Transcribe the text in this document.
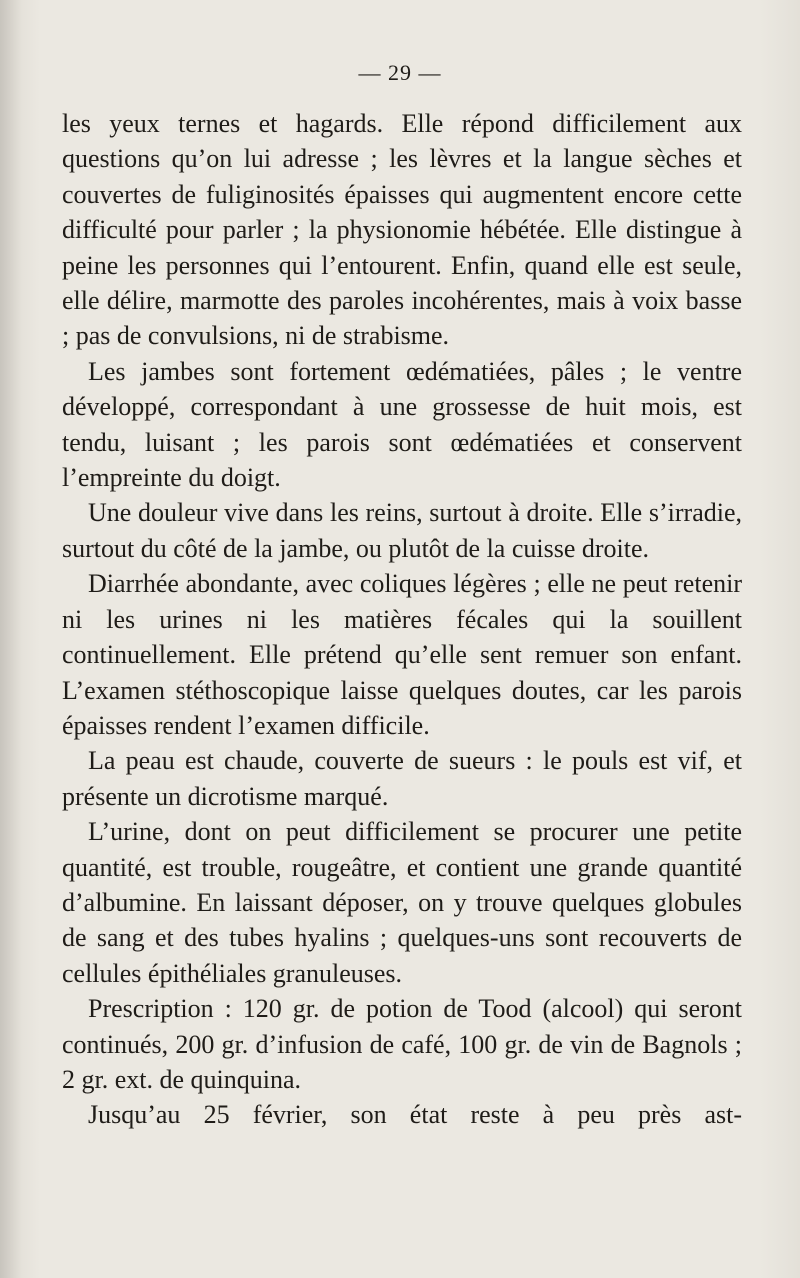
— 29 —

les yeux ternes et hagards. Elle répond difficilement aux questions qu’on lui adresse ; les lèvres et la langue sèches et couvertes de fuliginosités épaisses qui augmentent encore cette difficulté pour parler ; la physionomie hébétée. Elle distingue à peine les personnes qui l’entourent. Enfin, quand elle est seule, elle délire, marmotte des paroles incohérentes, mais à voix basse ; pas de convulsions, ni de strabisme.

Les jambes sont fortement œdématiées, pâles ; le ventre développé, correspondant à une grossesse de huit mois, est tendu, luisant ; les parois sont œdématiées et conservent l’empreinte du doigt.

Une douleur vive dans les reins, surtout à droite. Elle s’irradie, surtout du côté de la jambe, ou plutôt de la cuisse droite.

Diarrhée abondante, avec coliques légères ; elle ne peut retenir ni les urines ni les matières fécales qui la souillent continuellement. Elle prétend qu’elle sent remuer son enfant. L’examen stéthoscopique laisse quelques doutes, car les parois épaisses rendent l’examen difficile.

La peau est chaude, couverte de sueurs : le pouls est vif, et présente un dicrotisme marqué.

L’urine, dont on peut difficilement se procurer une petite quantité, est trouble, rougeâtre, et contient une grande quantité d’albumine. En laissant déposer, on y trouve quelques globules de sang et des tubes hyalins ; quelques-uns sont recouverts de cellules épithéliales granuleuses.

Prescription : 120 gr. de potion de Tood (alcool) qui seront continués, 200 gr. d’infusion de café, 100 gr. de vin de Bagnols ; 2 gr. ext. de quinquina.

Jusqu’au 25 février, son état reste à peu près ast-
